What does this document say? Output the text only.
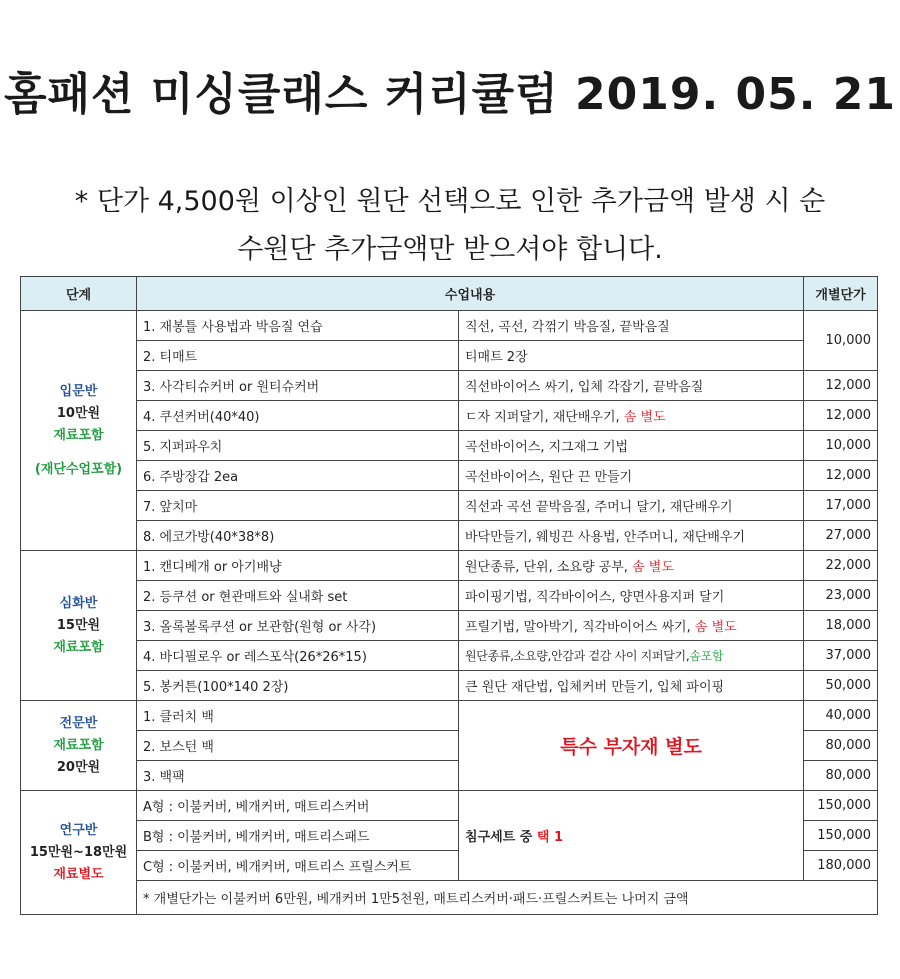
홈패션 미싱클래스 커리큘럼 2019. 05. 21
* 단가 4,500원 이상인 원단 선택으로 인한 추가금액 발생 시 순
수원단 추가금액만 받으셔야 합니다.
단계	수업내용		개별단가

입문반
10만원
재료포함
(재단수업포함)	1. 재봉틀 사용법과 박음질 연습	직선, 곡선, 각꺾기 박음질, 끝박음질	10,000
	2. 티매트	티매트 2장	
	3. 사각티슈커버 or 원티슈커버	직선바이어스 싸기, 입체 각잡기, 끝박음질	12,000
	4. 쿠션커버(40*40)	ㄷ자 지퍼달기, 재단배우기, 솜 별도	12,000
	5. 지퍼파우치	곡선바이어스, 지그재그 기법	10,000
	6. 주방장갑 2ea	곡선바이어스, 원단 끈 만들기	12,000
	7. 앞치마	직선과 곡선 끝박음질, 주머니 달기, 재단배우기	17,000
	8. 에코가방(40*38*8)	바닥만들기, 웨빙끈 사용법, 안주머니, 재단배우기	27,000

심화반
15만원
재료포함	1. 캔디베개 or 아기배냥	원단종류, 단위, 소요량 공부, 솜 별도	22,000
	2. 등쿠션 or 현관매트와 실내화 set	파이핑기법, 직각바이어스, 양면사용지퍼 달기	23,000
	3. 올록볼록쿠션 or 보관함(원형 or 사각)	프릴기법, 말아박기, 직각바이어스 싸기, 솜 별도	18,000
	4. 바디필로우 or 레스포삭(26*26*15)	원단종류,소요량,안감과 겉감 사이 지퍼달기,솜포함	37,000
	5. 봉커튼(100*140 2장)	큰 원단 재단법, 입체커버 만들기, 입체 파이핑	50,000

전문반
재료포함
20만원	1. 클러치 백	특수 부자재 별도	40,000
	2. 보스턴 백		80,000
	3. 백팩		80,000

연구반
15만원~18만원
재료별도	A형 : 이불커버, 베개커버, 매트리스커버	침구세트 중 택 1	150,000
	B형 : 이불커버, 베개커버, 매트리스패드		150,000
	C형 : 이불커버, 베개커버, 매트리스 프릴스커트		180,000
	* 개별단가는 이불커버 6만원, 베개커버 1만5천원, 매트리스커버·패드·프릴스커트는 나머지 금액		
